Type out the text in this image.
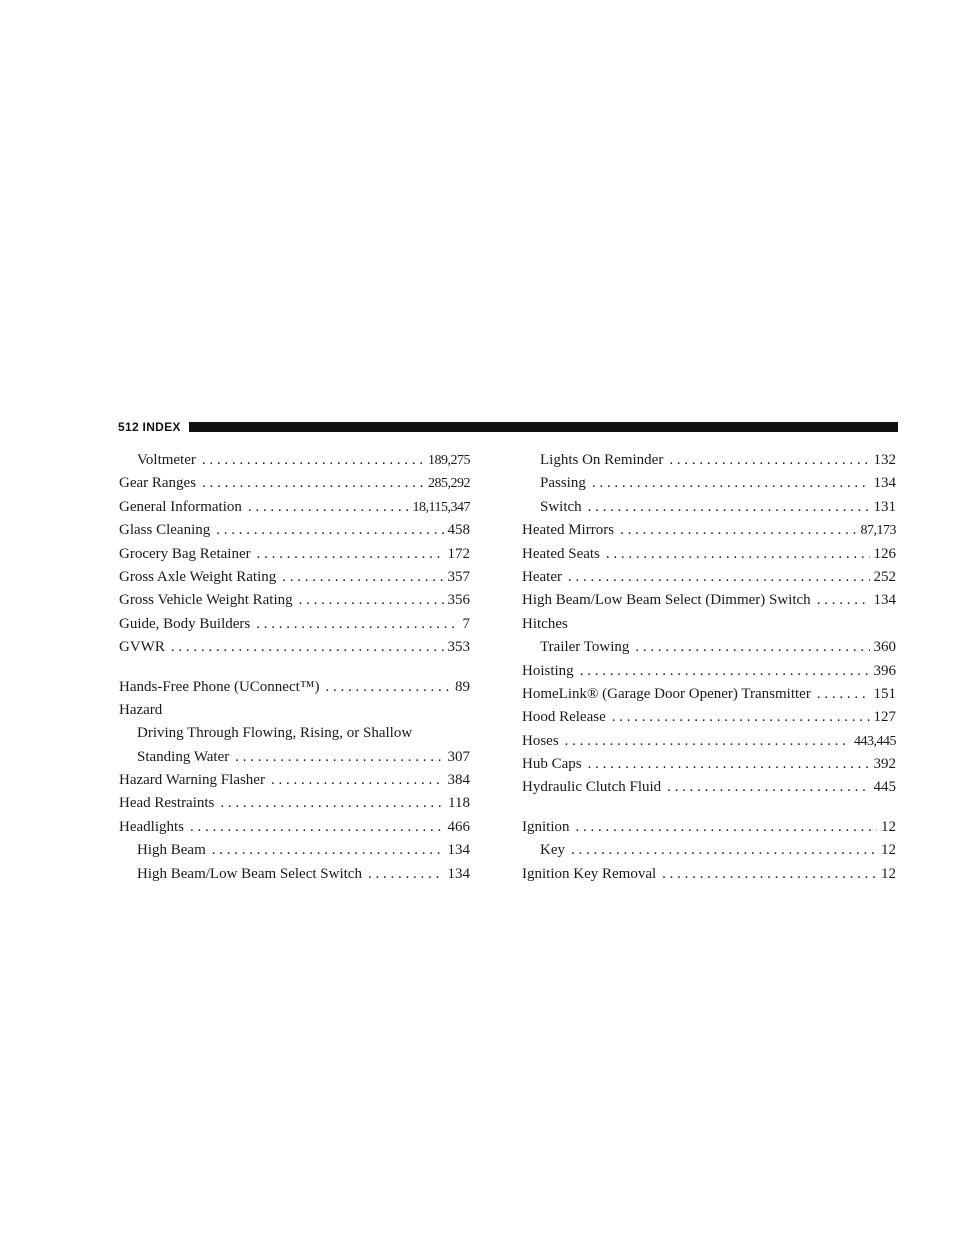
512 INDEX
Voltmeter . . .	189,275
Gear Ranges . . .	285,292
General Information . . .	18,115,347
Glass Cleaning . . .	458
Grocery Bag Retainer . . .	172
Gross Axle Weight Rating . . .	357
Gross Vehicle Weight Rating . . .	356
Guide, Body Builders . . .	7
GVWR . . .	353
Hands-Free Phone (UConnect™) . . .	89
Hazard
Driving Through Flowing, Rising, or Shallow
Standing Water . . .	307
Hazard Warning Flasher . . .	384
Head Restraints . . .	118
Headlights . . .	466
High Beam . . .	134
High Beam/Low Beam Select Switch . . .	134
Lights On Reminder . . .	132
Passing . . .	134
Switch . . .	131
Heated Mirrors . . .	87,173
Heated Seats . . .	126
Heater . . .	252
High Beam/Low Beam Select (Dimmer) Switch . . .	134
Hitches
Trailer Towing . . .	360
Hoisting . . .	396
HomeLink® (Garage Door Opener) Transmitter . . .	151
Hood Release . . .	127
Hoses . . .	443,445
Hub Caps . . .	392
Hydraulic Clutch Fluid . . .	445
Ignition . . .	12
Key . . .	12
Ignition Key Removal . . .	12
